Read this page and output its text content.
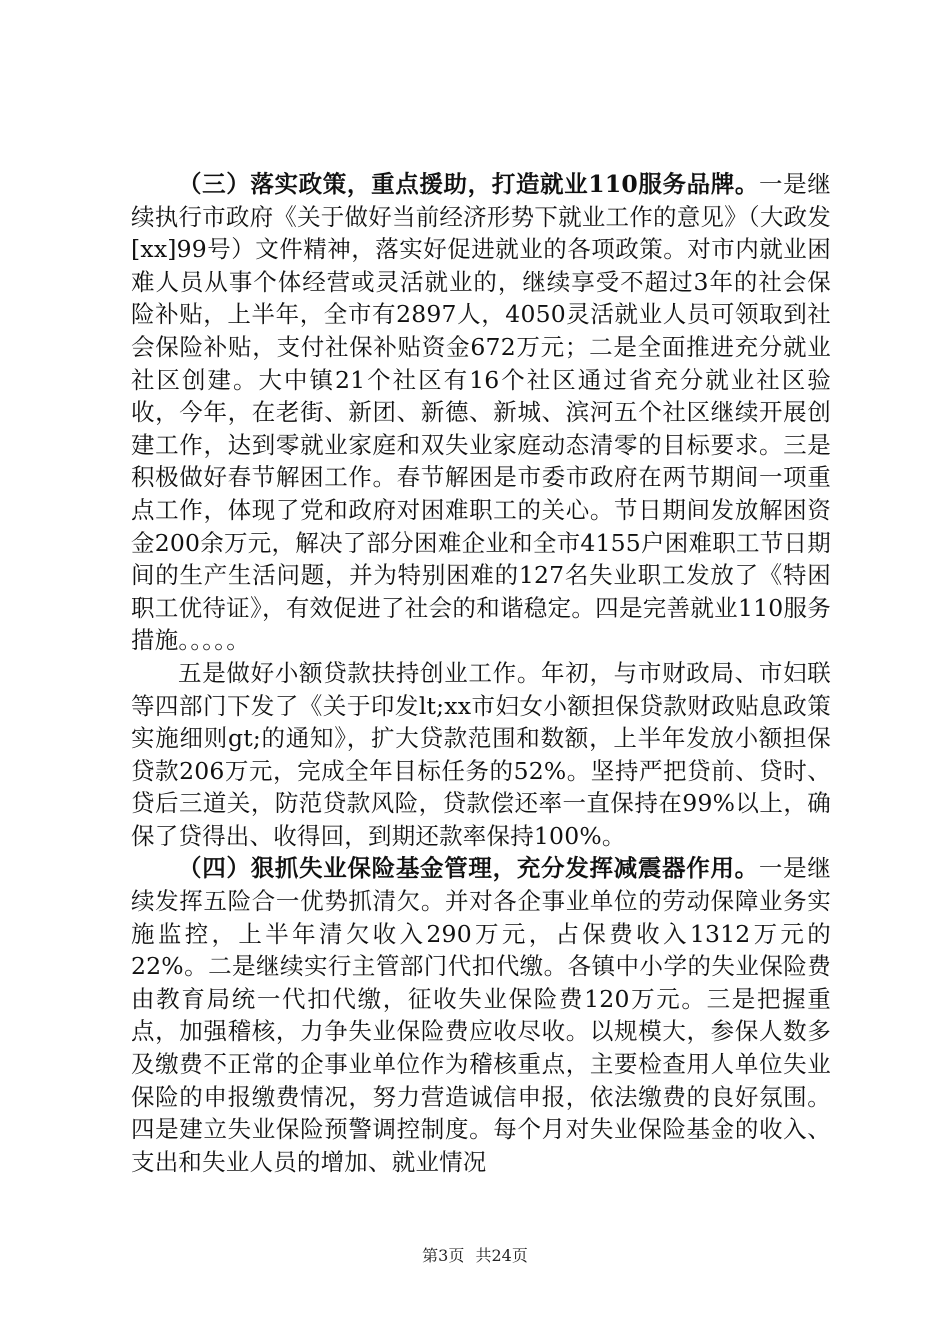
（三）落实政策，重点援助，打造就业110服务品牌。一是继续执行市政府《关于做好当前经济形势下就业工作的意见》（大政发[xx]99号）文件精神，落实好促进就业的各项政策。对市内就业困难人员从事个体经营或灵活就业的，继续享受不超过3年的社会保险补贴，上半年，全市有2897人，4050灵活就业人员可领取到社会保险补贴，支付社保补贴资金672万元；二是全面推进充分就业社区创建。大中镇21个社区有16个社区通过省充分就业社区验收，今年，在老街、新团、新德、新城、滨河五个社区继续开展创建工作，达到零就业家庭和双失业家庭动态清零的目标要求。三是积极做好春节解困工作。春节解困是市委市政府在两节期间一项重点工作，体现了党和政府对困难职工的关心。节日期间发放解困资金200余万元，解决了部分困难企业和全市4155户困难职工节日期间的生产生活问题，并为特别困难的127名失业职工发放了《特困职工优待证》，有效促进了社会的和谐稳定。四是完善就业110服务措施。。。。。

五是做好小额贷款扶持创业工作。年初，与市财政局、市妇联等四部门下发了《关于印发lt;xx市妇女小额担保贷款财政贴息政策实施细则gt;的通知》，扩大贷款范围和数额，上半年发放小额担保贷款206万元，完成全年目标任务的52%。坚持严把贷前、贷时、贷后三道关，防范贷款风险，贷款偿还率一直保持在99%以上，确保了贷得出、收得回，到期还款率保持100%。

（四）狠抓失业保险基金管理，充分发挥减震器作用。一是继续发挥五险合一优势抓清欠。并对各企事业单位的劳动保障业务实施监控，上半年清欠收入290万元，占保费收入1312万元的22%。二是继续实行主管部门代扣代缴。各镇中小学的失业保险费由教育局统一代扣代缴，征收失业保险费120万元。三是把握重点，加强稽核，力争失业保险费应收尽收。以规模大，参保人数多及缴费不正常的企事业单位作为稽核重点，主要检查用人单位失业保险的申报缴费情况，努力营造诚信申报，依法缴费的良好氛围。四是建立失业保险预警调控制度。每个月对失业保险基金的收入、支出和失业人员的增加、就业情况

第3页 共24页
